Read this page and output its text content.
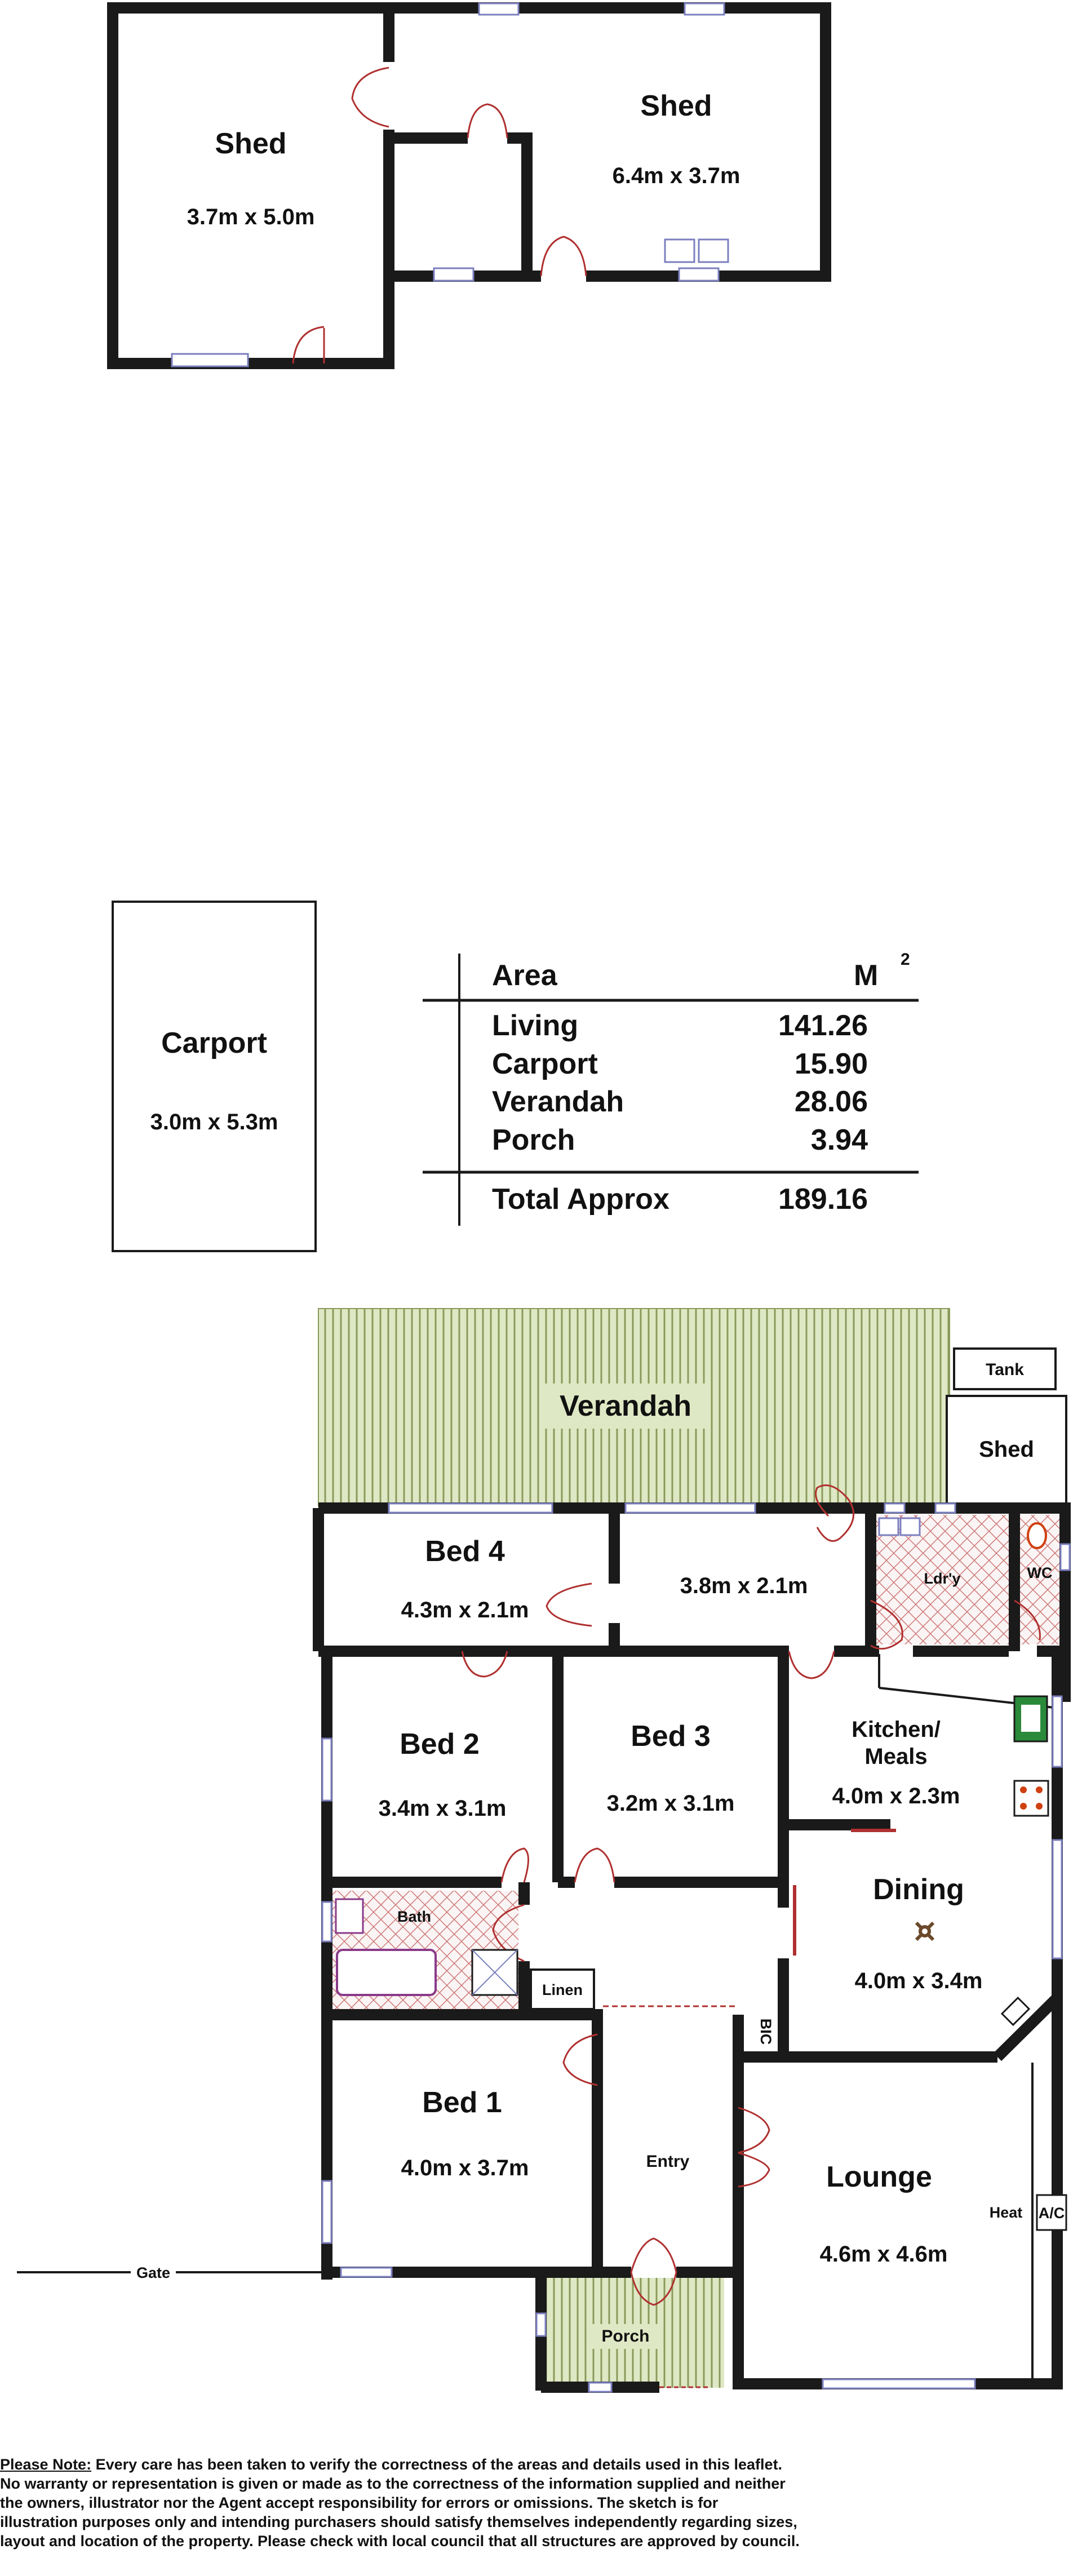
Shed
3.7m x 5.0m
Shed
6.4m x 3.7m
Carport
3.0m x 5.3m
Area	M 2
Living	141.26
Carport	15.90
Verandah	28.06
Porch	3.94
Total Approx	189.16
Verandah
Tank
Shed
Gate
Bed 4
4.3m x 2.1m
3.8m x 2.1m	Ldr'y	WC
Bed 2
3.4m x 3.1m
Bed 3
3.2m x 3.1m
Kitchen/
Meals
4.0m x 2.3m
Bath
Linen
Dining
4.0m x 3.4m
BIC
Bed 1
4.0m x 3.7m	Entry	Lounge
4.6m x 4.6m
Heat A/C
Porch
Please Note: Every care has been taken to verify the correctness of the areas and details used in this leaflet.
No warranty or representation is given or made as to the correctness of the information supplied and neither
the owners, illustrator nor the Agent accept responsibility for errors or omissions. The sketch is for
illustration purposes only and intending purchasers should satisfy themselves independently regarding sizes,
layout and location of the property. Please check with local council that all structures are approved by council.
